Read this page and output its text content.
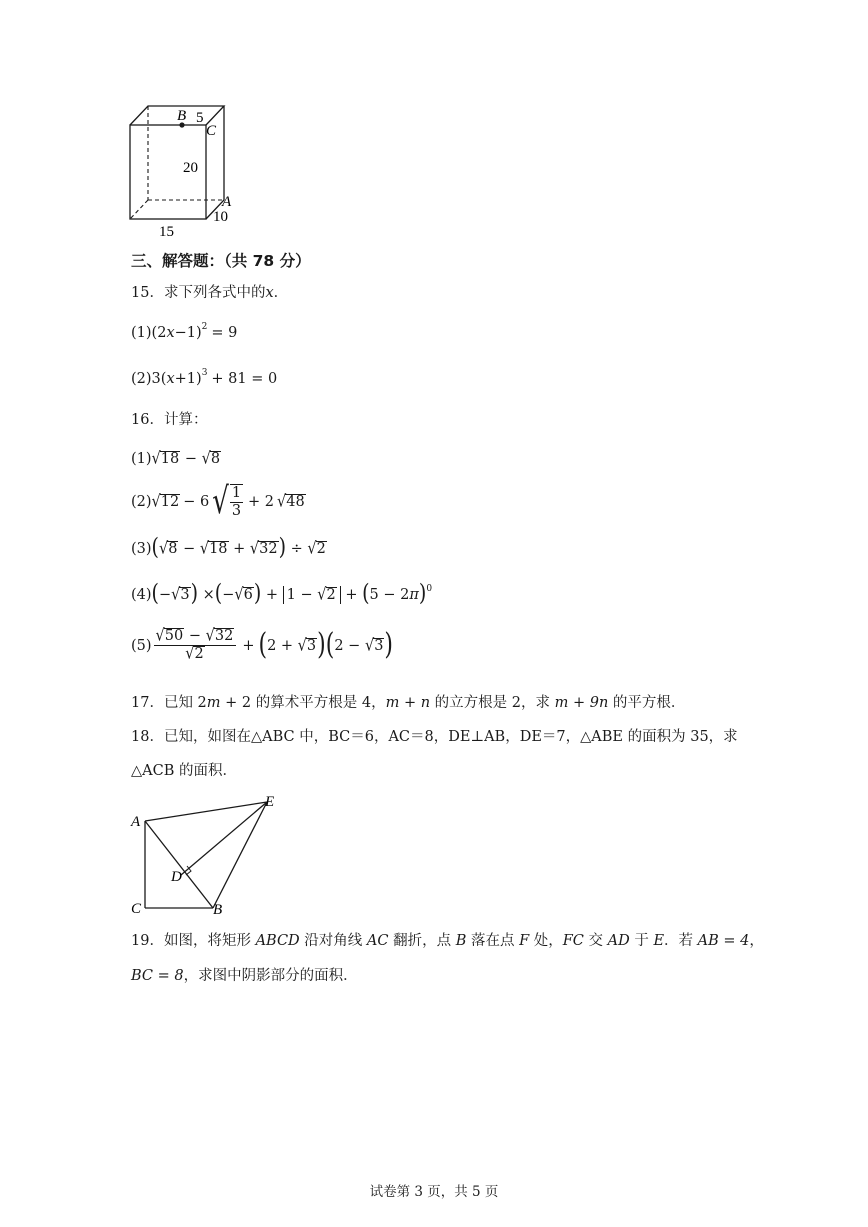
B 5
C
20
A
10
15
三、解答题：（共 78 分）
15．求下列各式中的x．
$(1)(2x-1)^2 = 9$
$(2)3(x+1)^3 + 81 = 0$
16．计算：
(1)√18 − √8
(2) √ 12 − 6 √ $\frac{1}{3} + 2$ √ 48
(3)(√8 − √18 + √32) ÷ √2
$(4)(-√3) \times(-√6) + 1 - √2 + (5 - 2\pi)^0$
$(5) \frac{√50 - √32}{√2}$ + ( 2 +
√ 3 ) ( 2 −
√ 3 )
17．已知 2m + 2 的算术平方根是 4，m + n 的立方根是 2，求 m + 9n 的平方根．
18．已知，如图在△ABC 中，BC＝6，AC＝8，DE⊥AB，DE＝7，△ABE 的面积为 35，求
△ACB 的面积．
A
E
D
C	B
19．如图，将矩形 ABCD 沿对角线 AC 翻折，点 B 落在点 F 处，FC 交 AD 于 E．若 AB = 4，
BC = 8，求图中阴影部分的面积．
试卷第 3 页，共 5 页
